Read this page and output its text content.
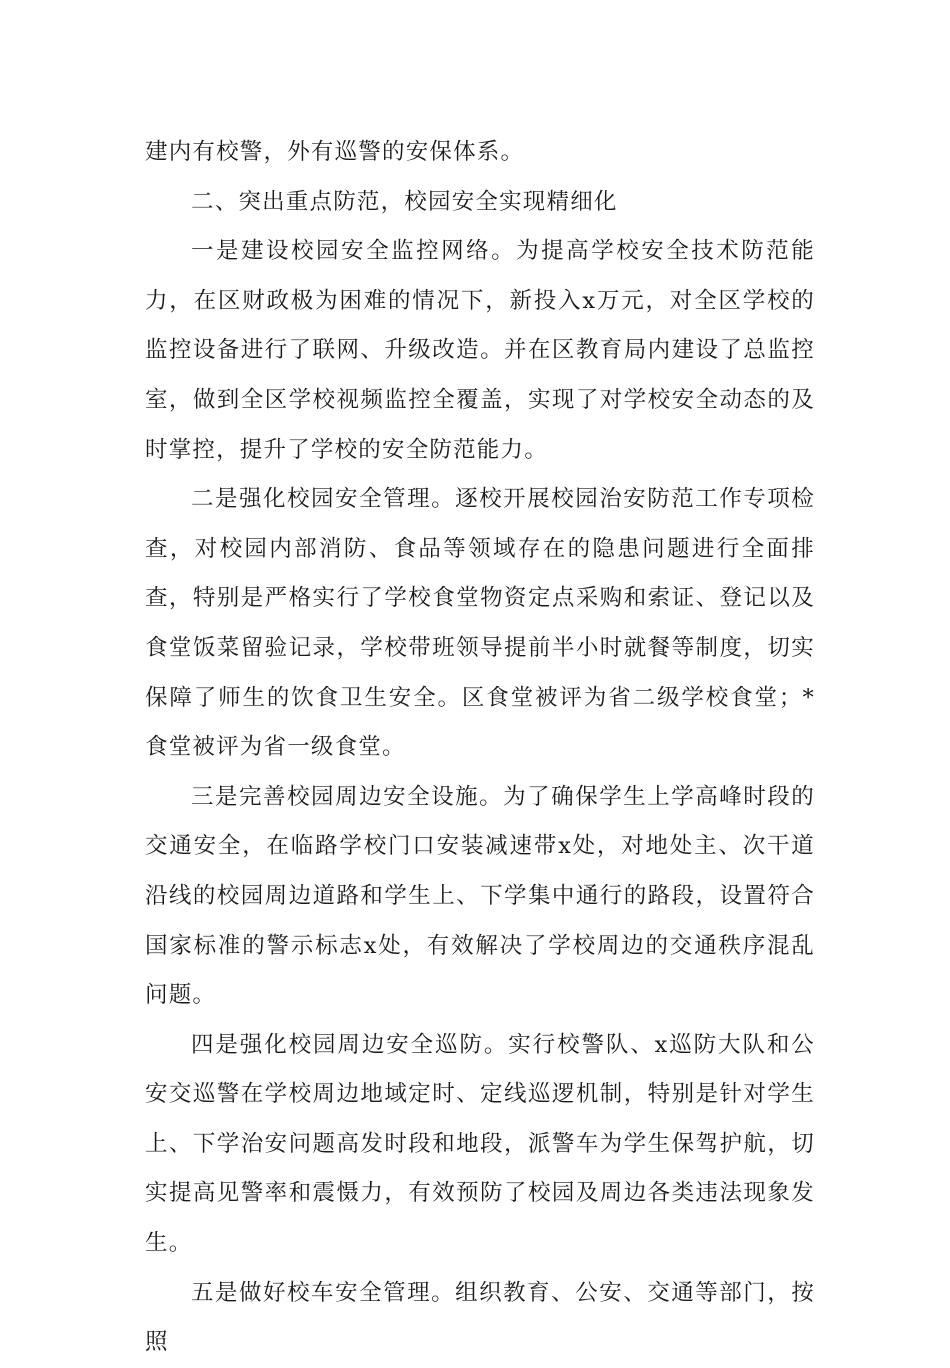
建内有校警，外有巡警的安保体系。

二、突出重点防范，校园安全实现精细化

一是建设校园安全监控网络。为提高学校安全技术防范能力，在区财政极为困难的情况下，新投入x万元，对全区学校的监控设备进行了联网、升级改造。并在区教育局内建设了总监控室，做到全区学校视频监控全覆盖，实现了对学校安全动态的及时掌控，提升了学校的安全防范能力。

二是强化校园安全管理。逐校开展校园治安防范工作专项检查，对校园内部消防、食品等领域存在的隐患问题进行全面排查，特别是严格实行了学校食堂物资定点采购和索证、登记以及食堂饭菜留验记录，学校带班领导提前半小时就餐等制度，切实保障了师生的饮食卫生安全。区食堂被评为省二级学校食堂；*食堂被评为省一级食堂。

三是完善校园周边安全设施。为了确保学生上学高峰时段的交通安全，在临路学校门口安装减速带x处，对地处主、次干道沿线的校园周边道路和学生上、下学集中通行的路段，设置符合国家标准的警示标志x处，有效解决了学校周边的交通秩序混乱问题。

四是强化校园周边安全巡防。实行校警队、x巡防大队和公安交巡警在学校周边地域定时、定线巡逻机制，特别是针对学生上、下学治安问题高发时段和地段，派警车为学生保驾护航，切实提高见警率和震慑力，有效预防了校园及周边各类违法现象发生。

五是做好校车安全管理。组织教育、公安、交通等部门，按照
